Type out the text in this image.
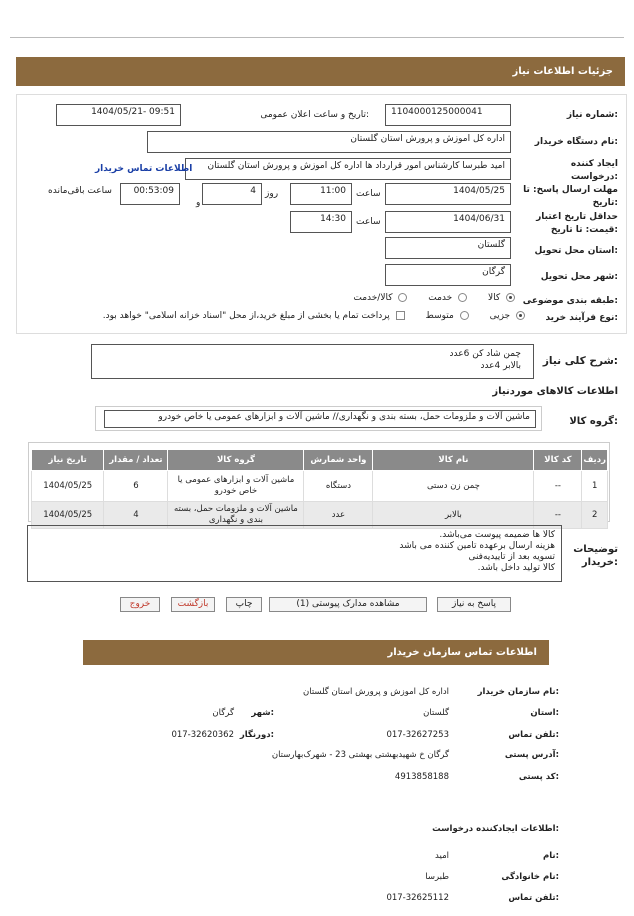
جزئیات اطلاعات نیاز
شماره نیاز:
1104000125000041
تاریخ و ساعت اعلان عمومی:
1404/05/21- 09:51
نام دستگاه خریدار:
اداره کل اموزش و پرورش استان گلستان
ایجاد کننده درخواست:
امید طبرسا کارشناس امور قرارداد ها اداره کل اموزش و پرورش استان گلستان
اطلاعات تماس خریدار
مهلت ارسال پاسخ: تا تاریخ:
1404/05/25
ساعت
11:00
روز
4
و
00:53:09
ساعت باقی‌مانده
حداقل تاریخ اعتبار قیمت: تا تاریخ:
1404/06/31
ساعت
14:30
استان محل تحویل:
گلستان
شهر محل تحویل:
گرگان
طبقه بندی موضوعی:
کالا  خدمت  کالا/خدمت
نوع فرآیند خرید:
جزیی  متوسط  پرداخت تمام یا بخشی از مبلغ خرید،از محل "اسناد خزانه اسلامی" خواهد بود.
شرح کلی نیاز:
چمن شاد کن 6عدد
بالابر 4عدد
اطلاعات کالاهای موردنیاز
گروه کالا:
ماشین آلات و ملزومات حمل، بسته بندی و نگهداری// ماشین آلات و ابزارهای عمومی یا خاص خودرو
ردیف	کد کالا	نام کالا	واحد شمارش	گروه کالا	تعداد / مقدار	تاریخ نیاز
1	--	چمن زن دستی	دستگاه	ماشین آلات و ابزارهای عمومی یا خاص خودرو	6	1404/05/25
2	--	بالابر	عدد	ماشین آلات و ملزومات حمل، بسته بندی و نگهداری	4	1404/05/25
توضیحات خریدار:
کالا ها ضمیمه پیوست می‌باشد.
هزینه ارسال برعهده تامین کننده می باشد
تسویه بعد از تاییدیه‌فنی
کالا تولید داخل باشد.
پاسخ به نیاز
مشاهده مدارک پیوستی (1)
چاپ
بازگشت
خروج
اطلاعات تماس سازمان خریدار
نام سازمان خریدار:
اداره کل اموزش و پرورش استان گلستان
استان:
گلستان
شهر:
گرگان
تلفن تماس:
017-32627253
دورنگار:
017-32620362
آدرس پستی:
گرگان خ شهیدبهشتی بهشتی 23 - شهرک‌بهارستان
کد پستی:
4913858188
اطلاعات ایجادکننده درخواست:
نام:
امید
نام خانوادگی:
طبرسا
تلفن تماس:
017-32625112
